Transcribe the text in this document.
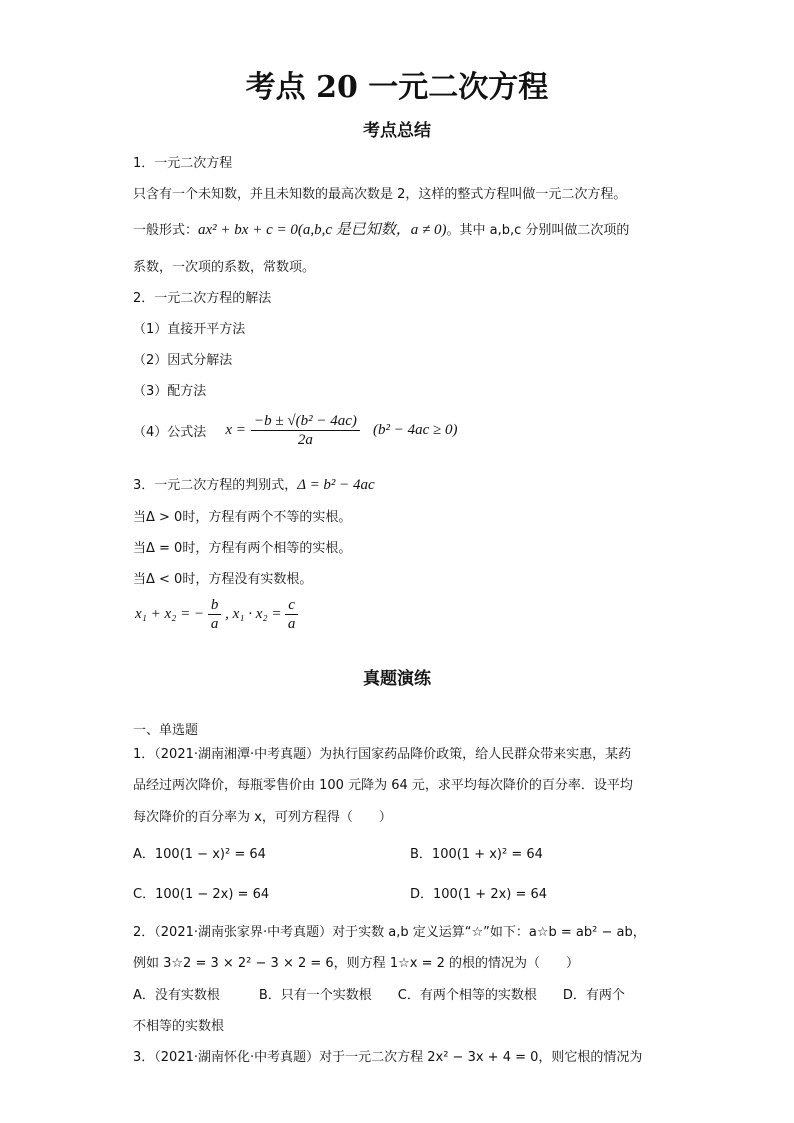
考点 20 一元二次方程
考点总结
1．一元二次方程
只含有一个未知数，并且未知数的最高次数是 2，这样的整式方程叫做一元二次方程。
一般形式：ax² + bx + c = 0(a,b,c 是已知数，a ≠ 0)。其中 a,b,c 分别叫做二次项的
系数，一次项的系数，常数项。
2．一元二次方程的解法
（1）直接开平方法
（2）因式分解法
（3）配方法
（4）公式法 $x = \frac{\text{−b ± √(b² − 4ac)}}{2a} (b^2 - 4ac \ge 0)$
3．一元二次方程的判别式，Δ = b² − 4ac
当Δ > 0时，方程有两个不等的实根。
当Δ = 0时，方程有两个相等的实根。
当Δ < 0时，方程没有实数根。
x₁ + x₂ = − $\frac{b}{a}$ , $x_1 \cdot x_2 = \frac{c}{a}$
真题演练
一、单选题
1．（2021·湖南湘潭·中考真题）为执行国家药品降价政策，给人民群众带来实惠，某药
品经过两次降价，每瓶零售价由 100 元降为 64 元，求平均每次降价的百分率．设平均
每次降价的百分率为 x，可列方程得（　　）
A．100(1 − x)² = 64	B．100(1 + x)² = 64
C．100(1 − 2x) = 64	D．100(1 + 2x) = 64
2．（2021·湖南张家界·中考真题）对于实数 a,b 定义运算“☆”如下：a☆b = ab² − ab，
例如 3☆2 = 3 × 2² − 3 × 2 = 6，则方程 1☆x = 2 的根的情况为（　　）
A．没有实数根　　　B．只有一个实数根　　C．有两个相等的实数根　　D．有两个
不相等的实数根
3．（2021·湖南怀化·中考真题）对于一元二次方程 2x² − 3x + 4 = 0，则它根的情况为
